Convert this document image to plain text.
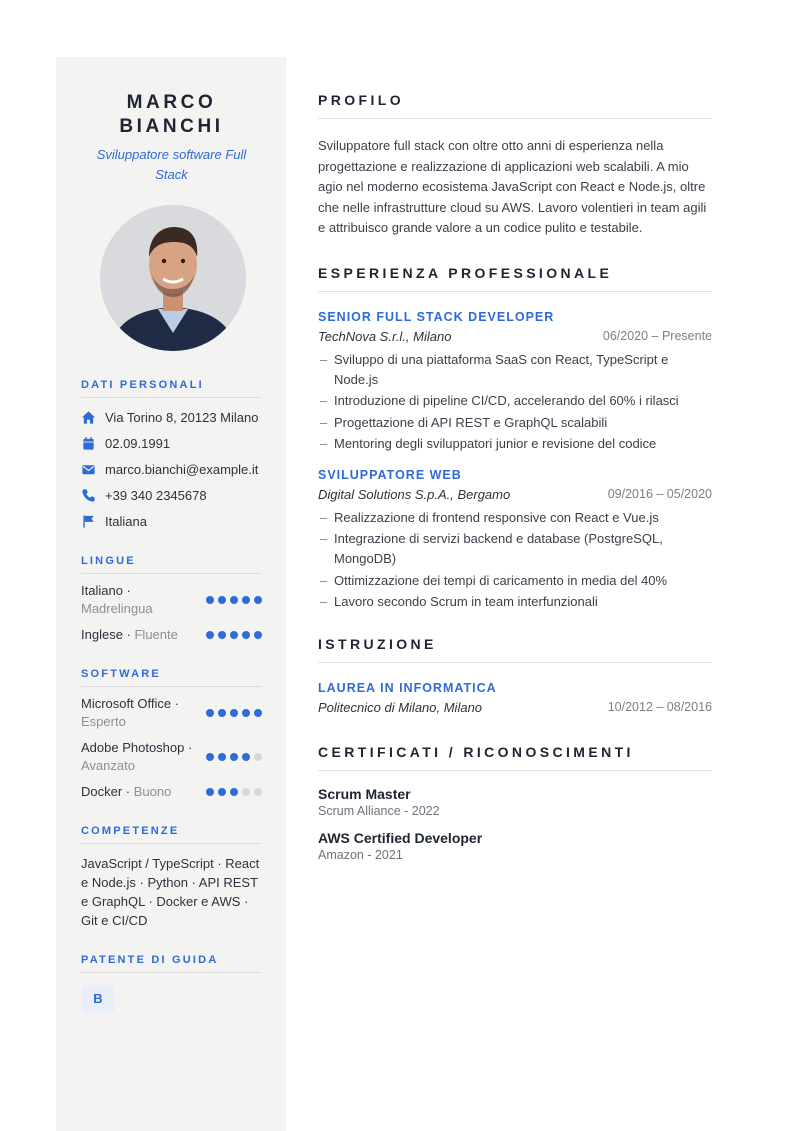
MARCO
BIANCHI
Sviluppatore software Full Stack
DATI PERSONALI
Via Torino 8, 20123 Milano
02.09.1991
marco.bianchi@example.it
+39 340 2345678
Italiana
LINGUE
Italiano · Madrelingua
Inglese · Fluente
SOFTWARE
Microsoft Office · Esperto
Adobe Photoshop · Avanzato
Docker · Buono
COMPETENZE
JavaScript / TypeScript · React e Node.js · Python · API REST e GraphQL · Docker e AWS · Git e CI/CD
PATENTE DI GUIDA
B
PROFILO

Sviluppatore full stack con oltre otto anni di esperienza nella progettazione e realizzazione di applicazioni web scalabili. A mio agio nel moderno ecosistema JavaScript con React e Node.js, oltre che nelle infrastrutture cloud su AWS. Lavoro volentieri in team agili e attribuisco grande valore a un codice pulito e testabile.

ESPERIENZA PROFESSIONALE
SENIOR FULL STACK DEVELOPER
TechNova S.r.l., Milano	06/2020 – Presente
– Sviluppo di una piattaforma SaaS con React, TypeScript e Node.js
– Introduzione di pipeline CI/CD, accelerando del 60% i rilasci
– Progettazione di API REST e GraphQL scalabili
– Mentoring degli sviluppatori junior e revisione del codice
SVILUPPATORE WEB
Digital Solutions S.p.A., Bergamo	09/2016 – 05/2020
– Realizzazione di frontend responsive con React e Vue.js
– Integrazione di servizi backend e database (PostgreSQL, MongoDB)
– Ottimizzazione dei tempi di caricamento in media del 40%
– Lavoro secondo Scrum in team interfunzionali
ISTRUZIONE
LAUREA IN INFORMATICA
Politecnico di Milano, Milano	10/2012 – 08/2016
CERTIFICATI / RICONOSCIMENTI
Scrum Master
Scrum Alliance - 2022
AWS Certified Developer
Amazon - 2021
